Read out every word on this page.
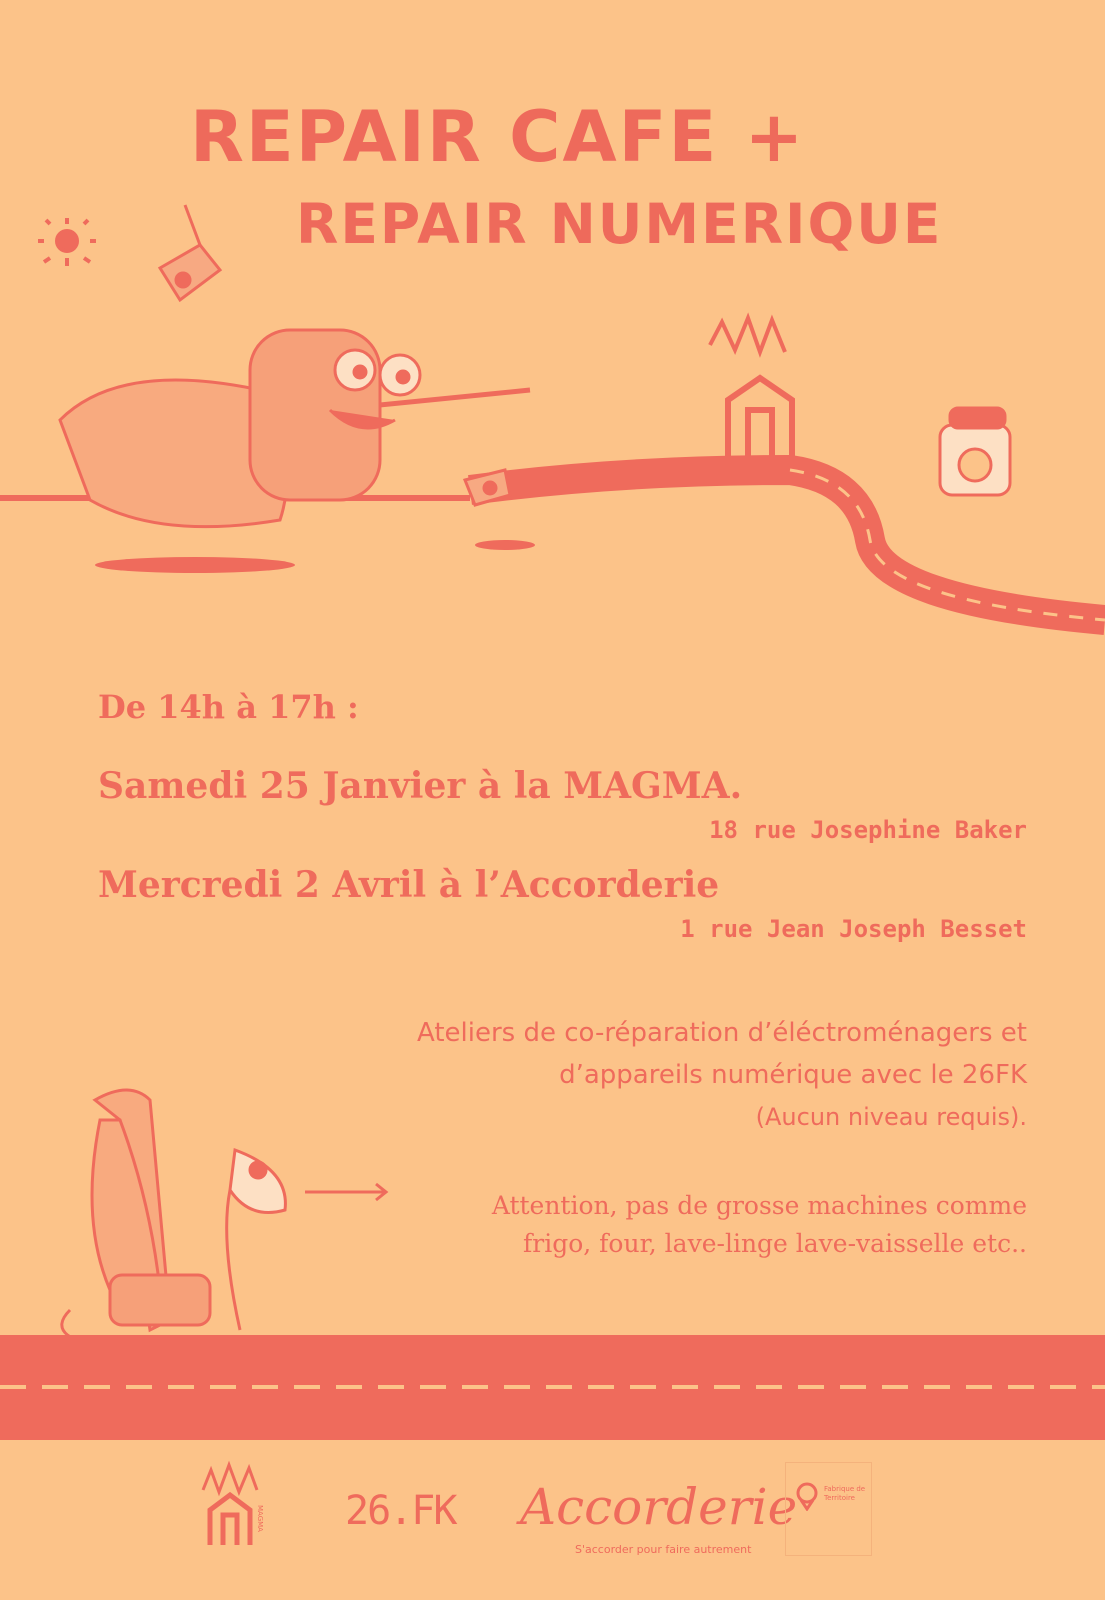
REPAIR CAFE +
REPAIR NUMERIQUE
De 14h à 17h :
Samedi 25 Janvier à la MAGMA.
18 rue Josephine Baker
Mercredi 2 Avril à l’Accorderie
1 rue Jean Joseph Besset
Ateliers de co-réparation d’éléctroménagers et
d’appareils numérique avec le 26FK
(Aucun niveau requis).
Attention, pas de grosse machines comme
frigo, four, lave-linge lave-vaisselle etc..
MAGMA 26.FK Accorderie
S'accorder pour faire autrement
Fabrique de Territoire
